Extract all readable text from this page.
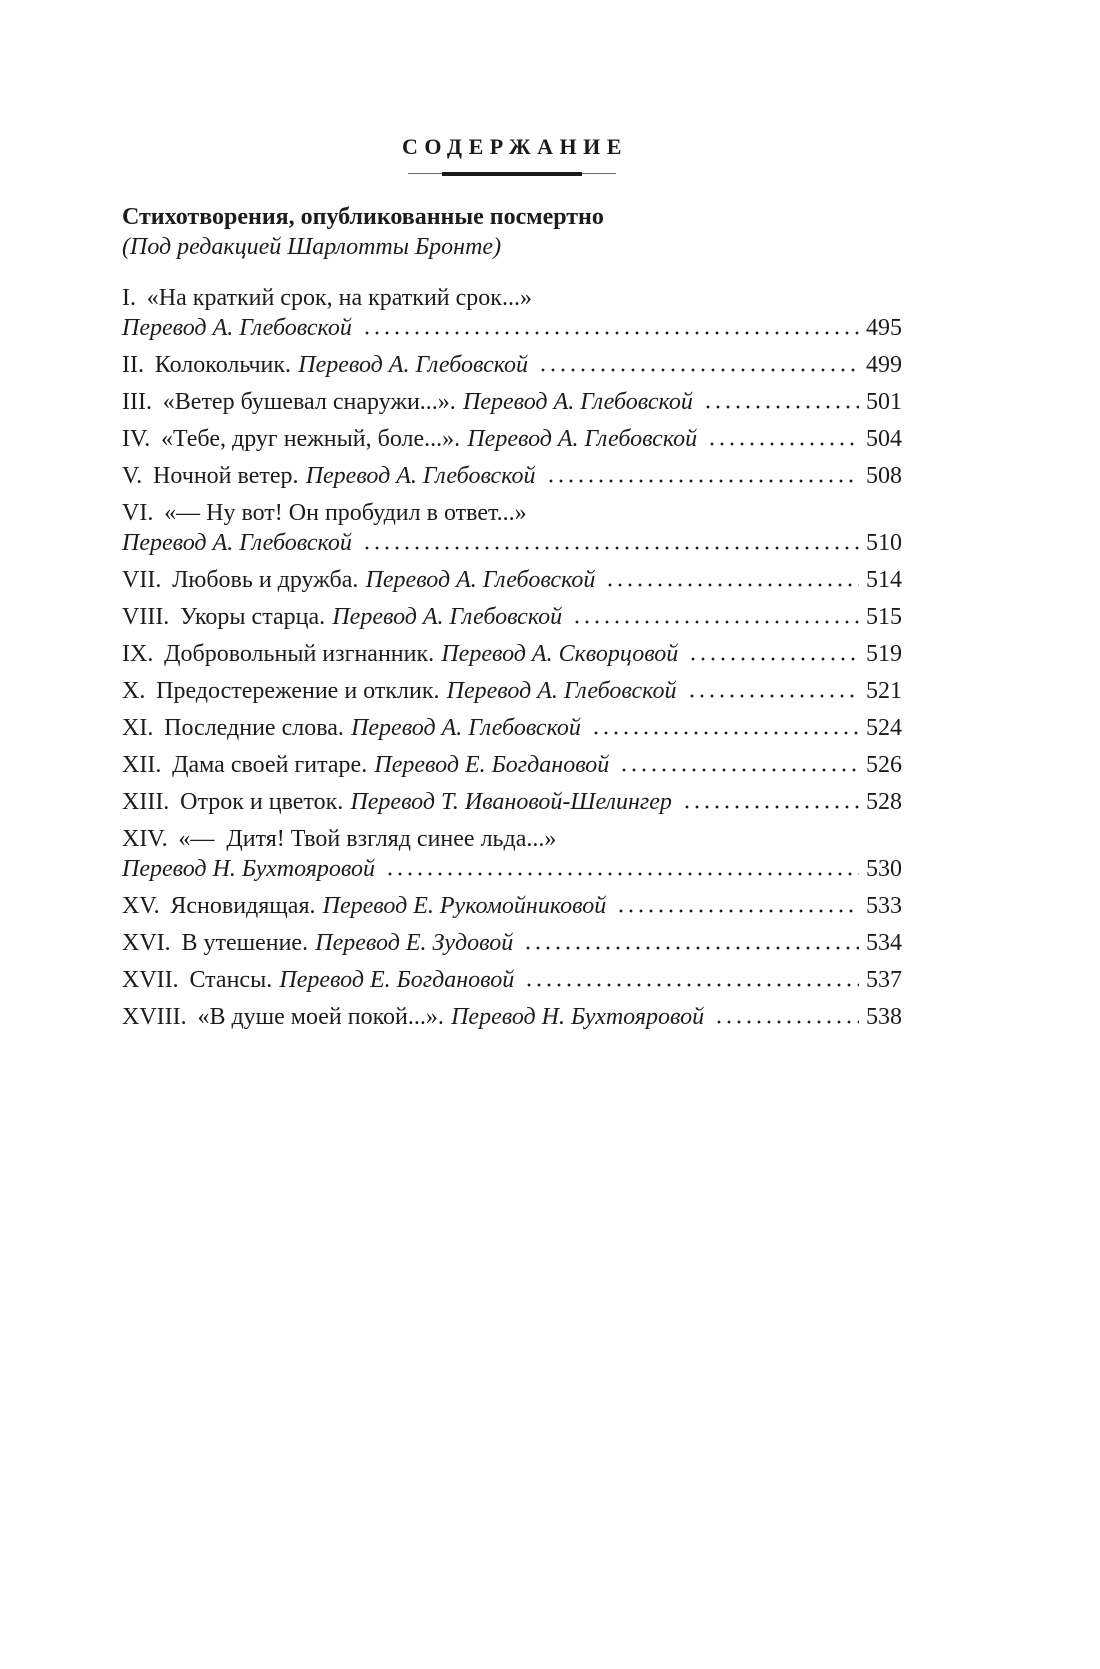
СОДЕРЖАНИЕ
Стихотворения, опубликованные посмертно
(Под редакцией Шарлотты Бронте)
I. «На краткий срок, на краткий срок...»
Перевод А. Глебовской	495
II. Колокольчик. Перевод А. Глебовской	499
III. «Ветер бушевал снаружи...». Перевод А. Глебовской	501
IV. «Тебе, друг нежный, боле...». Перевод А. Глебовской	504
V. Ночной ветер. Перевод А. Глебовской	508
VI. «— Ну вот! Он пробудил в ответ...»
Перевод А. Глебовской	510
VII. Любовь и дружба. Перевод А. Глебовской	514
VIII. Укоры старца. Перевод А. Глебовской	515
IX. Добровольный изгнанник. Перевод А. Скворцовой	519
X. Предостережение и отклик. Перевод А. Глебовской	521
XI. Последние слова. Перевод А. Глебовской	524
XII. Дама своей гитаре. Перевод Е. Богдановой	526
XIII. Отрок и цветок. Перевод Т. Ивановой-Шелингер	528
XIV. «— Дитя! Твой взгляд синее льда...»
Перевод Н. Бухтояровой	530
XV. Ясновидящая. Перевод Е. Рукомойниковой	533
XVI. В утешение. Перевод Е. Зудовой	534
XVII. Стансы. Перевод Е. Богдановой	537
XVIII. «В душе моей покой...». Перевод Н. Бухтояровой	538
